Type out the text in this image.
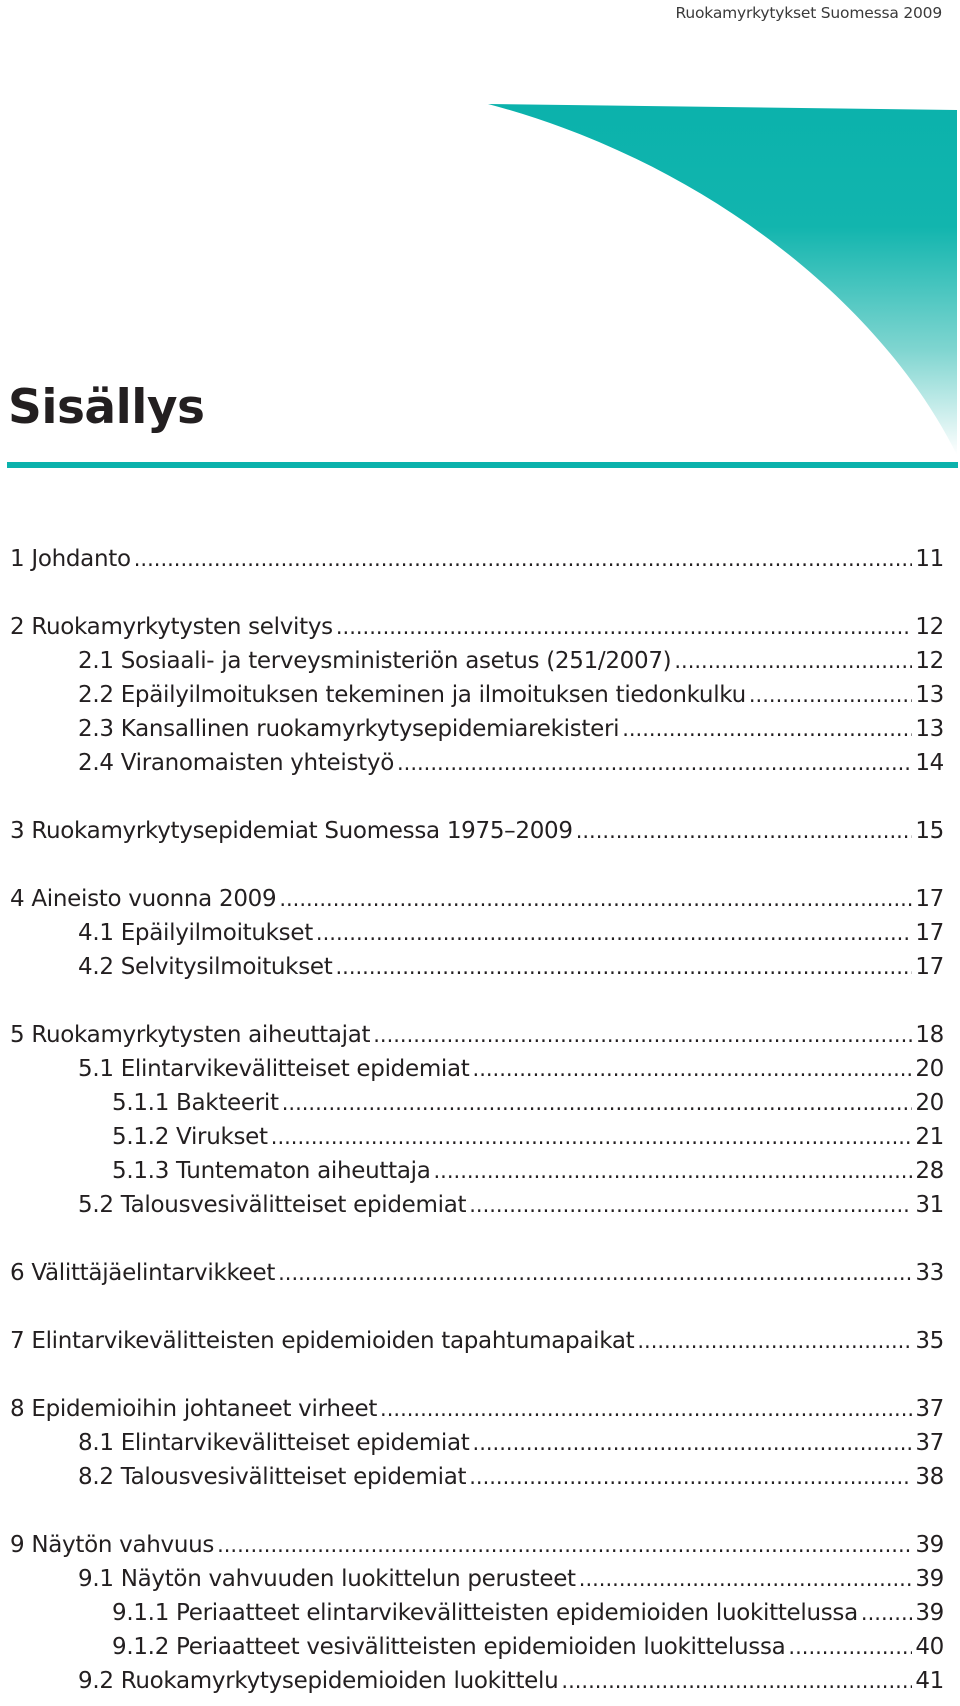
Ruokamyrkytykset Suomessa 2009
Sisällys
1 Johdanto .....	11
2 Ruokamyrkytysten selvitys .....	12
2.1 Sosiaali- ja terveysministeriön asetus (251/2007) .....	12
2.2 Epäilyilmoituksen tekeminen ja ilmoituksen tiedonkulku .....	13
2.3 Kansallinen ruokamyrkytysepidemiarekisteri .....	13
2.4 Viranomaisten yhteistyö .....	14
3 Ruokamyrkytysepidemiat Suomessa 1975–2009 .....	15
4 Aineisto vuonna 2009 .....	17
4.1 Epäilyilmoitukset .....	17
4.2 Selvitysilmoitukset .....	17
5 Ruokamyrkytysten aiheuttajat .....	18
5.1 Elintarvikevälitteiset epidemiat .....	20
5.1.1 Bakteerit .....	20
5.1.2 Virukset .....	21
5.1.3 Tuntematon aiheuttaja .....	28
5.2 Talousvesivälitteiset epidemiat .....	31
6 Välittäjäelintarvikkeet .....	33
7 Elintarvikevälitteisten epidemioiden tapahtumapaikat .....	35
8 Epidemioihin johtaneet virheet .....	37
8.1 Elintarvikevälitteiset epidemiat .....	37
8.2 Talousvesivälitteiset epidemiat .....	38
9 Näytön vahvuus .....	39
9.1 Näytön vahvuuden luokittelun perusteet .....	39
9.1.1 Periaatteet elintarvikevälitteisten epidemioiden luokittelussa ..... 39
9.1.2 Periaatteet vesivälitteisten epidemioiden luokittelussa .....	40
9.2 Ruokamyrkytysepidemioiden luokittelu .....	41
